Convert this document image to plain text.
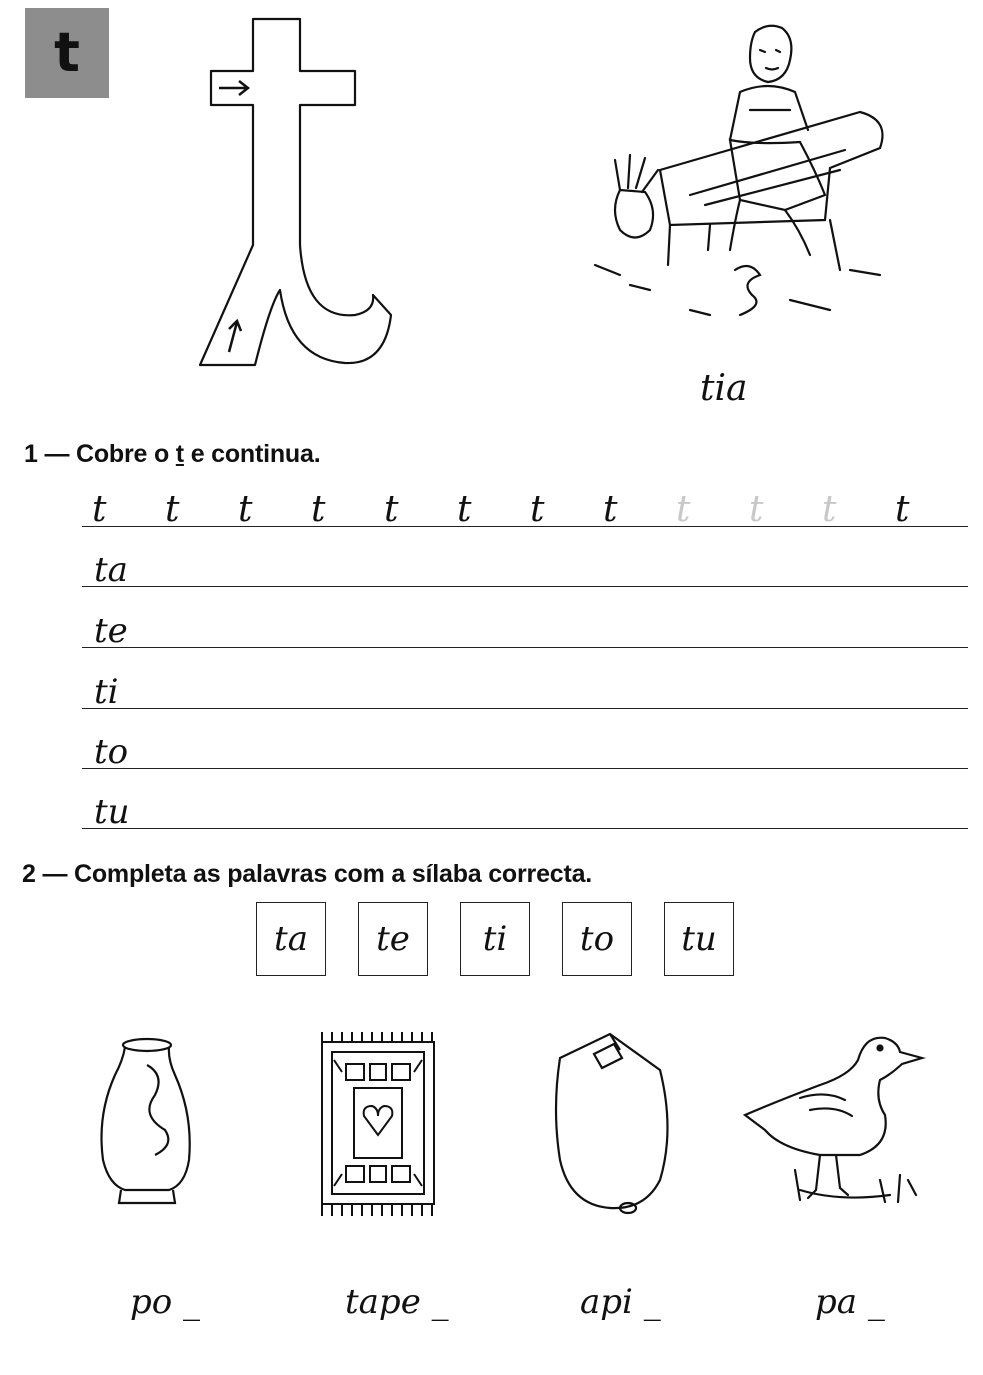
t
tia
1 — Cobre o t e continua.
t t t t t t t t t t t t
ta
te
ti
to
tu
2 — Completa as palavras com a sílaba correcta.
ta	te	ti	to	tu
po _	tape _	api _	pa _
